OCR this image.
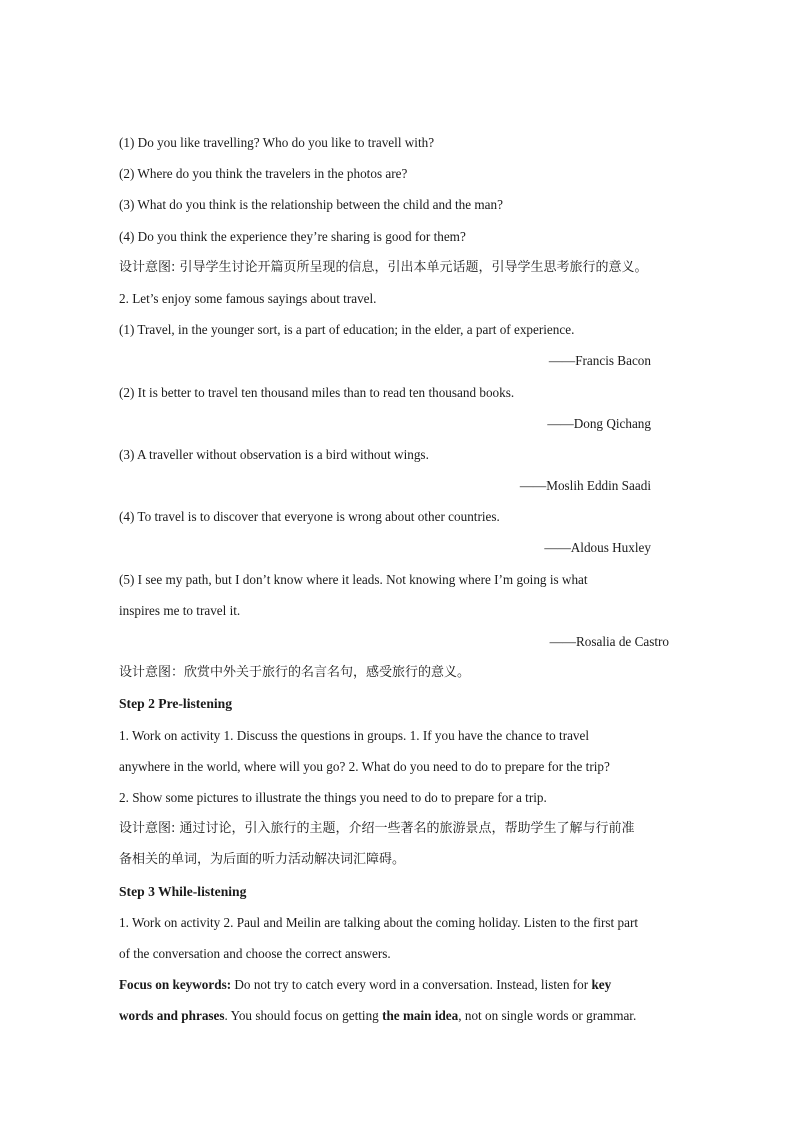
(1) Do you like travelling? Who do you like to travell with?
(2) Where do you think the travelers in the photos are?
(3) What do you think is the relationship between the child and the man?
(4) Do you think the experience they’re sharing is good for them?
设计意图: 引导学生讨论开篇页所呈现的信息，引出本单元话题，引导学生思考旅行的意义。
2. Let’s enjoy some famous sayings about travel.
(1) Travel, in the younger sort, is a part of education; in the elder, a part of experience.
——Francis Bacon
(2) It is better to travel ten thousand miles than to read ten thousand books.
——Dong Qichang
(3) A traveller without observation is a bird without wings.
——Moslih Eddin Saadi
(4) To travel is to discover that everyone is wrong about other countries.
——Aldous Huxley
(5) I see my path, but I don’t know where it leads. Not knowing where I’m going is what
inspires me to travel it.
——Rosalia de Castro
设计意图：欣赏中外关于旅行的名言名句，感受旅行的意义。
Step 2 Pre-listening
1. Work on activity 1. Discuss the questions in groups. 1. If you have the chance to travel
anywhere in the world, where will you go? 2. What do you need to do to prepare for the trip?
2. Show some pictures to illustrate the things you need to do to prepare for a trip.
设计意图: 通过讨论，引入旅行的主题，介绍一些著名的旅游景点，帮助学生了解与行前准
备相关的单词，为后面的听力活动解决词汇障碍。
Step 3 While-listening
1. Work on activity 2. Paul and Meilin are talking about the coming holiday. Listen to the first part
of the conversation and choose the correct answers.
Focus on keywords: Do not try to catch every word in a conversation. Instead, listen for key
words and phrases. You should focus on getting the main idea, not on single words or grammar.
